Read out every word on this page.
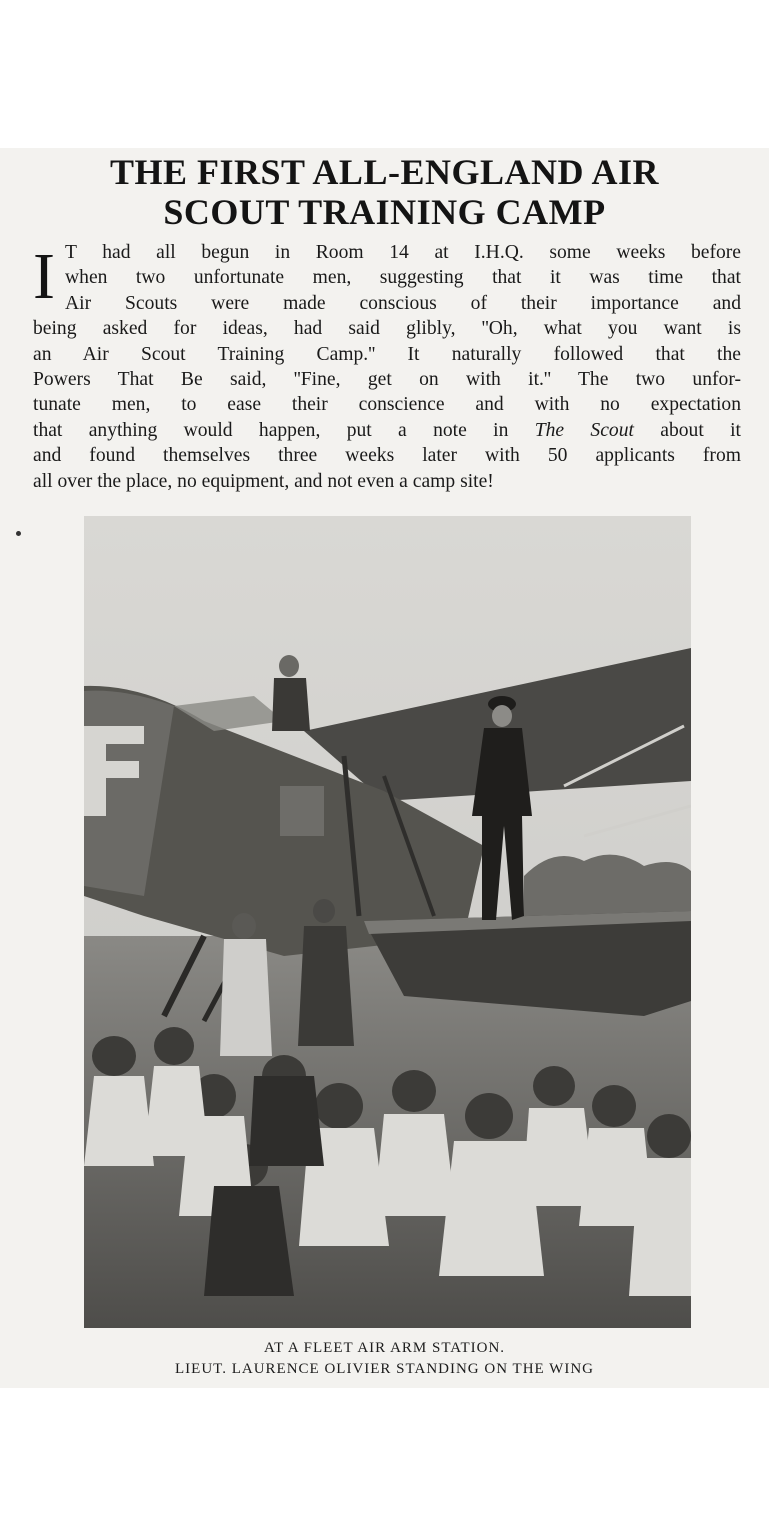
THE FIRST ALL-ENGLAND AIR
SCOUT TRAINING CAMP
I T had all begun in Room 14 at I.H.Q. some weeks before
when two unfortunate men, suggesting that it was time that
Air Scouts were made conscious of their importance and
being asked for ideas, had said glibly, ''Oh, what you want is
an Air Scout Training Camp.'' It naturally followed that the
Powers That Be said, ''Fine, get on with it.'' The two unfor-
tunate men, to ease their conscience and with no expectation
that anything would happen, put a note in The Scout about it
and found themselves three weeks later with 50 applicants from
all over the place, no equipment, and not even a camp site!
AT A FLEET AIR ARM STATION.
LIEUT. LAURENCE OLIVIER STANDING ON THE WING
